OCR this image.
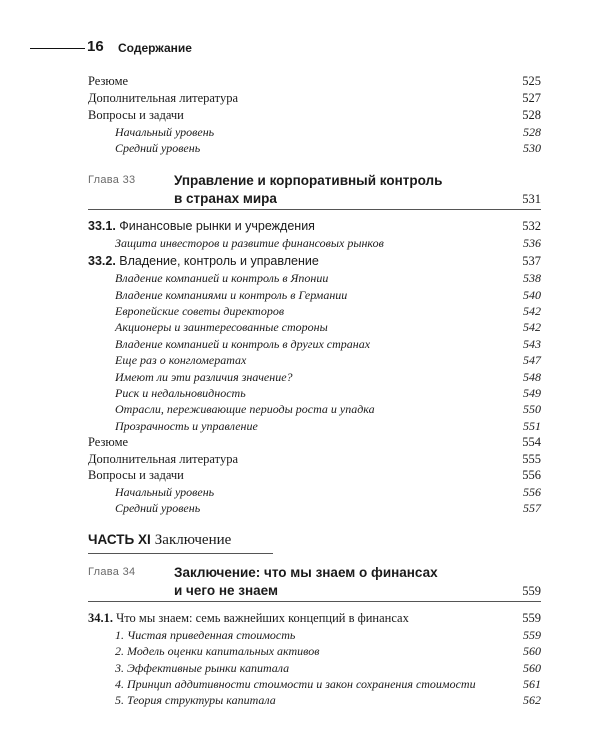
16 Содержание
Резюме	525
Дополнительная литература	527
Вопросы и задачи	528
Начальный уровень	528
Средний уровень	530
Глава 33	Управление и корпоративный контроль
в странах мира	531
33.1. Финансовые рынки и учреждения	532
Защита инвесторов и развитие финансовых рынков	536
33.2. Владение, контроль и управление	537
Владение компанией и контроль в Японии	538
Владение компаниями и контроль в Германии	540
Европейские советы директоров	542
Акционеры и заинтересованные стороны	542
Владение компанией и контроль в других странах	543
Еще раз о конгломератах	547
Имеют ли эти различия значение?	548
Риск и недальновидность	549
Отрасли, переживающие периоды роста и упадка	550
Прозрачность и управление	551
Резюме	554
Дополнительная литература	555
Вопросы и задачи	556
Начальный уровень	556
Средний уровень	557
ЧАСТЬ XI Заключение
Глава 34	Заключение: что мы знаем о финансах
и чего не знаем	559
34.1. Что мы знаем: семь важнейших концепций в финансах	559
1. Чистая приведенная стоимость	559
2. Модель оценки капитальных активов	560
3. Эффективные рынки капитала	560
4. Принцип аддитивности стоимости и закон сохранения стоимости	561
5. Теория структуры капитала	562
